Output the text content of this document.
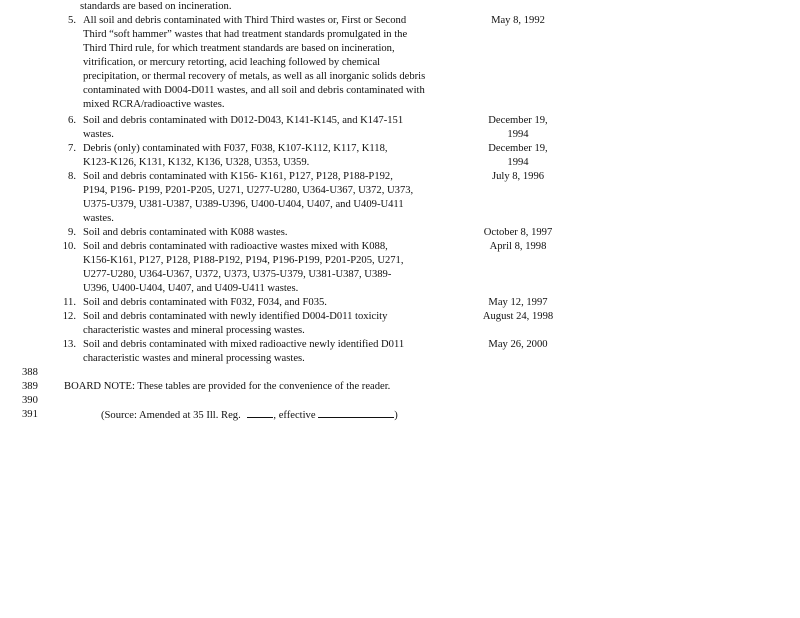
standards are based on incineration.
5. All soil and debris contaminated with Third Third wastes or, First or Second
Third “soft hammer” wastes that had treatment standards promulgated in the
Third Third rule, for which treatment standards are based on incineration,
vitrification, or mercury retorting, acid leaching followed by chemical
precipitation, or thermal recovery of metals, as well as all inorganic solids debris
contaminated with D004-D011 wastes, and all soil and debris contaminated with
mixed RCRA/radioactive wastes.
May 8, 1992
6. Soil and debris contaminated with D012-D043, K141-K145, and K147-151
wastes.
December 19,
1994
7. Debris (only) contaminated with F037, F038, K107-K112, K117, K118,
K123-K126, K131, K132, K136, U328, U353, U359.
December 19,
1994
8. Soil and debris contaminated with K156- K161, P127, P128, P188-P192,
P194, P196- P199, P201-P205, U271, U277-U280, U364-U367, U372, U373,
U375-U379, U381-U387, U389-U396, U400-U404, U407, and U409-U411
wastes.
July 8, 1996
9. Soil and debris contaminated with K088 wastes.	October 8, 1997
10. Soil and debris contaminated with radioactive wastes mixed with K088,
K156-K161, P127, P128, P188-P192, P194, P196-P199, P201-P205, U271,
U277-U280, U364-U367, U372, U373, U375-U379, U381-U387, U389-
U396, U400-U404, U407, and U409-U411 wastes.
April 8, 1998
11. Soil and debris contaminated with F032, F034, and F035.	May 12, 1997
12. Soil and debris contaminated with newly identified D004-D011 toxicity
characteristic wastes and mineral processing wastes.
August 24, 1998
13. Soil and debris contaminated with mixed radioactive newly identified D011
characteristic wastes and mineral processing wastes.
May 26, 2000
388
389
390
391
BOARD NOTE: These tables are provided for the convenience of the reader.
(Source: Amended at 35 Ill. Reg.	, effective	)
